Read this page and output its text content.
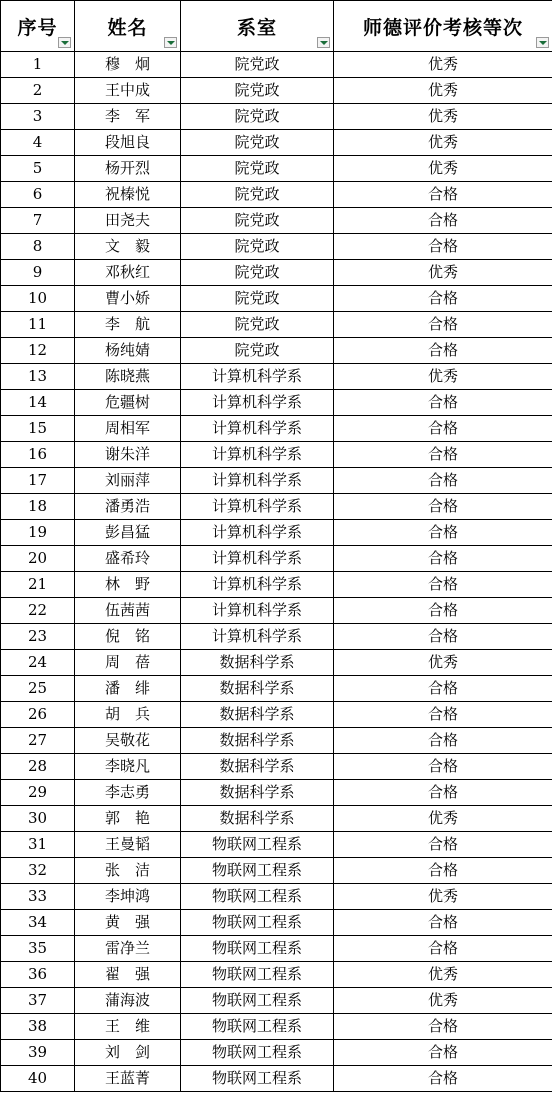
序号	姓名	系室	师德评价考核等次

1	穆　炯	院党政	优秀
2	王中成	院党政	优秀
3	李　军	院党政	优秀
4	段旭良	院党政	优秀
5	杨开烈	院党政	优秀
6	祝榛悦	院党政	合格
7	田尧夫	院党政	合格
8	文　毅	院党政	合格
9	邓秋红	院党政	优秀
10	曹小娇	院党政	合格
11	李　航	院党政	合格
12	杨纯婧	院党政	合格
13	陈晓燕	计算机科学系	优秀
14	危疆树	计算机科学系	合格
15	周相军	计算机科学系	合格
16	谢朱洋	计算机科学系	合格
17	刘丽萍	计算机科学系	合格
18	潘勇浩	计算机科学系	合格
19	彭昌猛	计算机科学系	合格
20	盛希玲	计算机科学系	合格
21	林　野	计算机科学系	合格
22	伍茜茜	计算机科学系	合格
23	倪　铭	计算机科学系	合格
24	周　蓓	数据科学系	优秀
25	潘　绯	数据科学系	合格
26	胡　兵	数据科学系	合格
27	吴敬花	数据科学系	合格
28	李晓凡	数据科学系	合格
29	李志勇	数据科学系	合格
30	郭　艳	数据科学系	优秀
31	王曼韬	物联网工程系	合格
32	张　洁	物联网工程系	合格
33	李坤鸿	物联网工程系	优秀
34	黄　强	物联网工程系	合格
35	雷净兰	物联网工程系	合格
36	翟　强	物联网工程系	优秀
37	蒲海波	物联网工程系	优秀
38	王　维	物联网工程系	合格
39	刘　剑	物联网工程系	合格
40	王蓝菁	物联网工程系	合格
